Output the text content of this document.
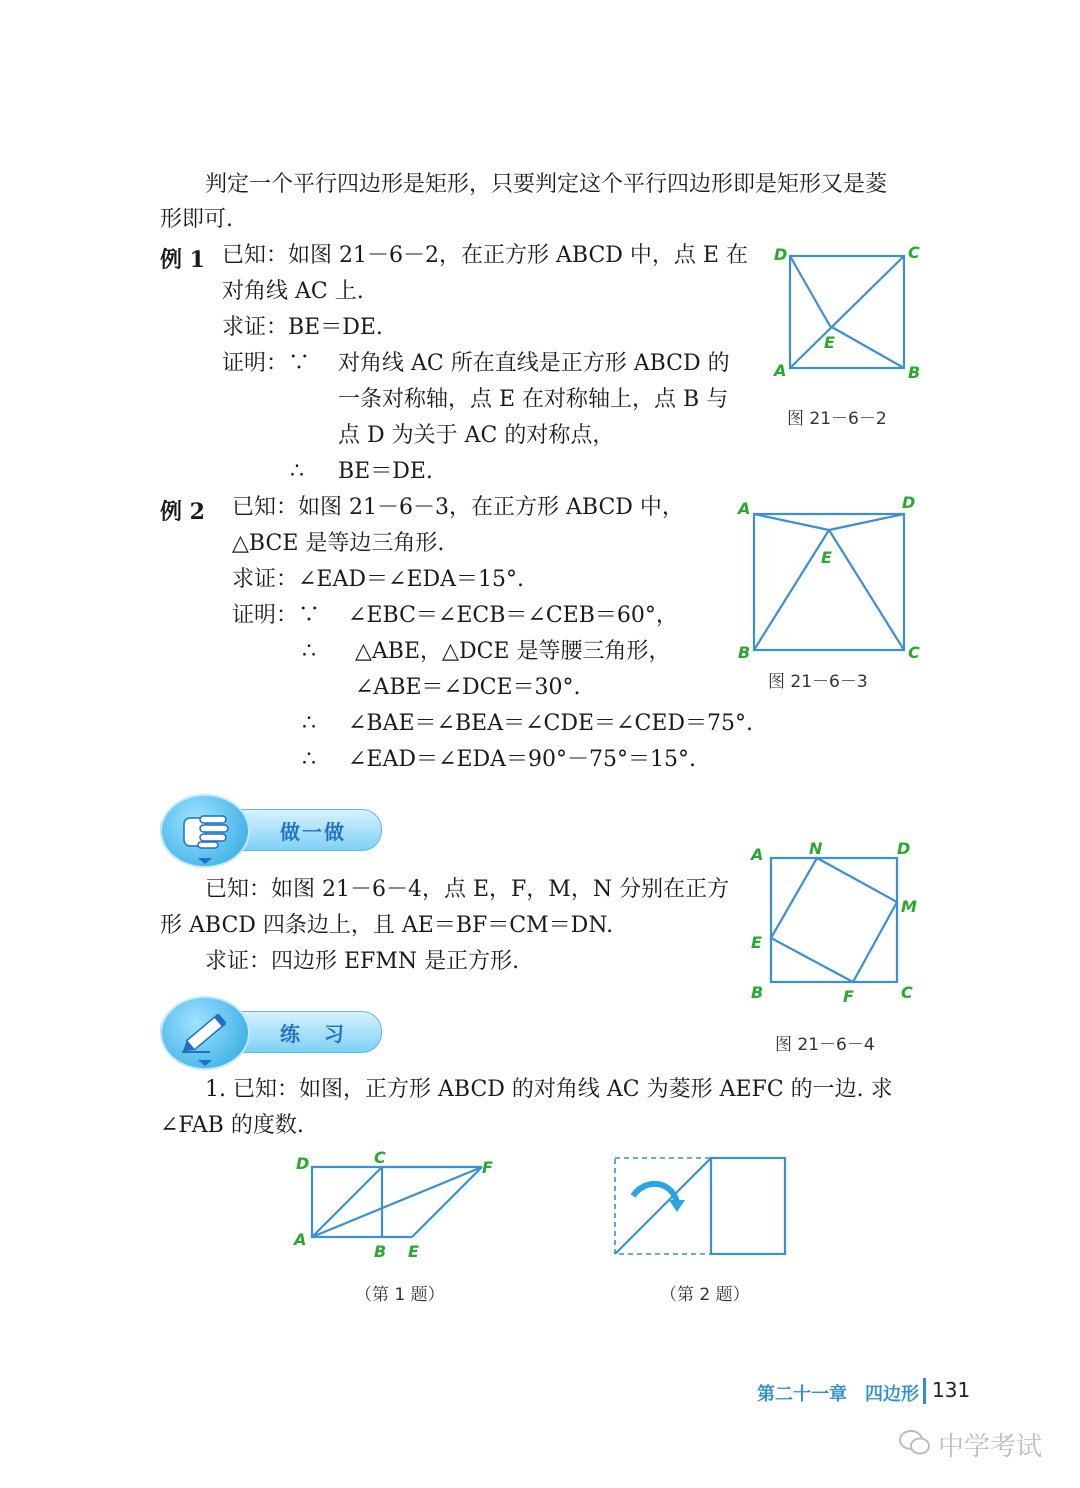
判定一个平行四边形是矩形，只要判定这个平行四边形即是矩形又是菱
形即可.
例 1 已知：如图 21－6－2，在正方形 ABCD 中，点 E 在
对角线 AC 上.
求证：BE＝DE.
证明：∵ 对角线 AC 所在直线是正方形 ABCD 的
一条对称轴，点 E 在对称轴上，点 B 与
点 D 为关于 AC 的对称点，
∴ BE＝DE.
D	C
A	B
E
图 21－6－2
例 2 已知：如图 21－6－3，在正方形 ABCD 中，
△BCE 是等边三角形.
求证：∠EAD＝∠EDA＝15°.
证明：∵ ∠EBC＝∠ECB＝∠CEB＝60°，
∴ △ABE，△DCE 是等腰三角形，
∠ABE＝∠DCE＝30°.
∴ ∠BAE＝∠BEA＝∠CDE＝∠CED＝75°.
∴ ∠EAD＝∠EDA＝90°－75°＝15°.
A	D
E
B	C
图 21－6－3
做一做
已知：如图 21－6－4，点 E，F，M，N 分别在正方
形 ABCD 四条边上，且 AE＝BF＝CM＝DN.
求证：四边形 EFMN 是正方形.
A	N	D
M
E
B	F	C
图 21－6－4
练　习
1. 已知：如图，正方形 ABCD 的对角线 AC 为菱形 AEFC 的一边. 求
∠FAB 的度数.
D	C
F
A
B E
（第 1 题）	（第 2 题）
第二十一章　四边形 131
中学考试
